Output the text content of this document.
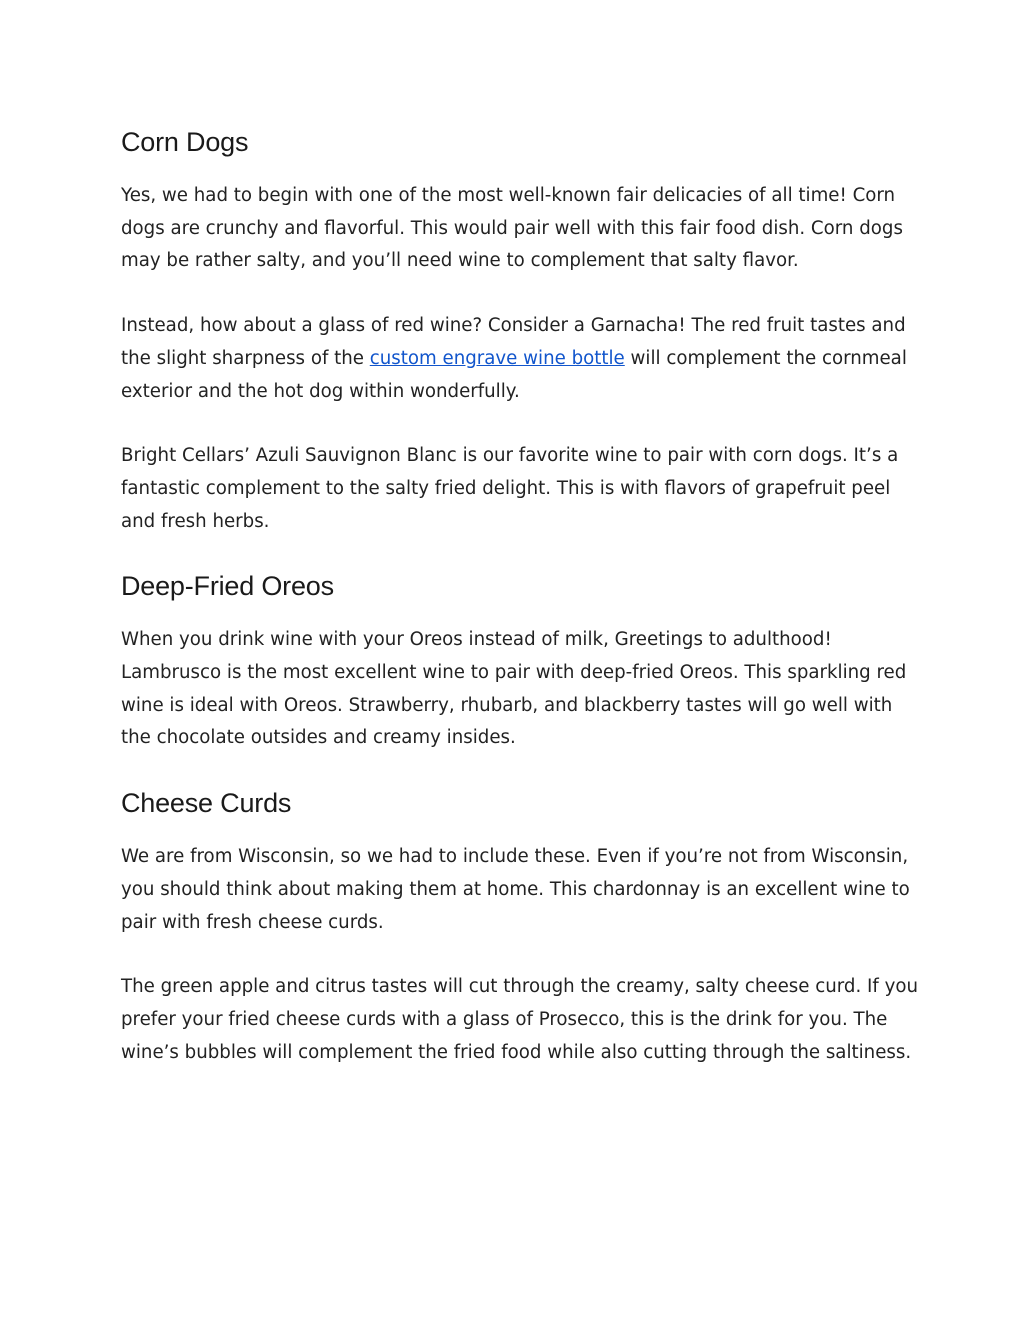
Corn Dogs

Yes, we had to begin with one of the most well-known fair delicacies of all time! Corn dogs are crunchy and flavorful. This would pair well with this fair food dish. Corn dogs may be rather salty, and you’ll need wine to complement that salty flavor.

Instead, how about a glass of red wine? Consider a Garnacha! The red fruit tastes and the slight sharpness of the custom engrave wine bottle will complement the cornmeal exterior and the hot dog within wonderfully.

Bright Cellars’ Azuli Sauvignon Blanc is our favorite wine to pair with corn dogs. It’s a fantastic complement to the salty fried delight. This is with flavors of grapefruit peel and fresh herbs.

Deep-Fried Oreos

When you drink wine with your Oreos instead of milk, Greetings to adulthood! Lambrusco is the most excellent wine to pair with deep-fried Oreos. This sparkling red wine is ideal with Oreos. Strawberry, rhubarb, and blackberry tastes will go well with the chocolate outsides and creamy insides.

Cheese Curds

We are from Wisconsin, so we had to include these. Even if you’re not from Wisconsin, you should think about making them at home. This chardonnay is an excellent wine to pair with fresh cheese curds.

The green apple and citrus tastes will cut through the creamy, salty cheese curd. If you prefer your fried cheese curds with a glass of Prosecco, this is the drink for you. The wine’s bubbles will complement the fried food while also cutting through the saltiness.
